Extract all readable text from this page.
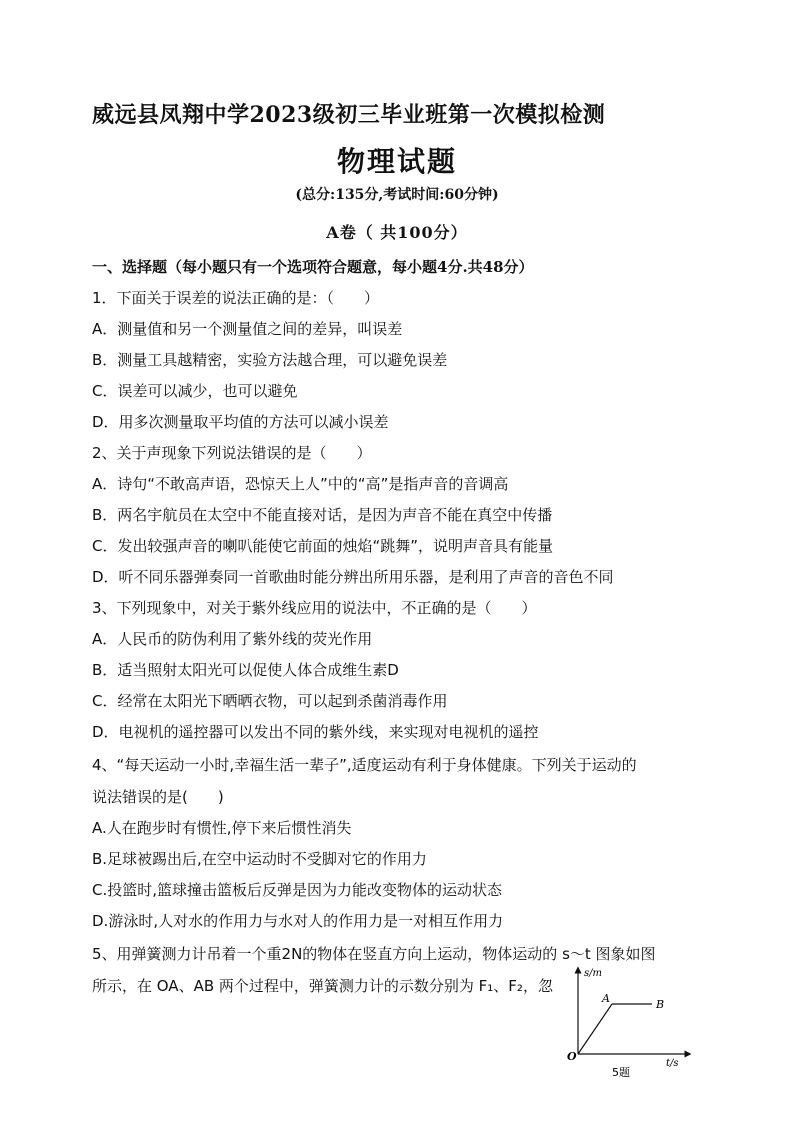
威远县凤翔中学2023级初三毕业班第一次模拟检测
物理试题
(总分:135分,考试时间:60分钟)
A卷（ 共100分）
一、选择题（每小题只有一个选项符合题意，每小题4分.共48分）
1．下面关于误差的说法正确的是：（　　）
A．测量值和另一个测量值之间的差异，叫误差
B．测量工具越精密，实验方法越合理，可以避免误差
C．误差可以减少，也可以避免
D．用多次测量取平均值的方法可以减小误差
2、关于声现象下列说法错误的是（　　）
A．诗句“不敢高声语，恐惊天上人”中的“高”是指声音的音调高
B．两名宇航员在太空中不能直接对话，是因为声音不能在真空中传播
C．发出较强声音的喇叭能使它前面的烛焰“跳舞”，说明声音具有能量
D．听不同乐器弹奏同一首歌曲时能分辨出所用乐器，是利用了声音的音色不同
3、下列现象中，对关于紫外线应用的说法中，不正确的是（　　）
A．人民币的防伪利用了紫外线的荧光作用
B．适当照射太阳光可以促使人体合成维生素D
C．经常在太阳光下晒晒衣物，可以起到杀菌消毒作用
D．电视机的遥控器可以发出不同的紫外线，来实现对电视机的遥控
4、“每天运动一小时,幸福生活一辈子”,适度运动有利于身体健康。下列关于运动的
说法错误的是(　　)
A.人在跑步时有惯性,停下来后惯性消失
B.足球被踢出后,在空中运动时不受脚对它的作用力
C.投篮时,篮球撞击篮板后反弹是因为力能改变物体的运动状态
D.游泳时,人对水的作用力与水对人的作用力是一对相互作用力
5、用弹簧测力计吊着一个重2N的物体在竖直方向上运动，物体运动的 s～t 图象如图
所示，在 OA、AB 两个过程中，弹簧测力计的示数分别为 F₁、F₂，忽
s/m
t/s
O
A	B
5题
